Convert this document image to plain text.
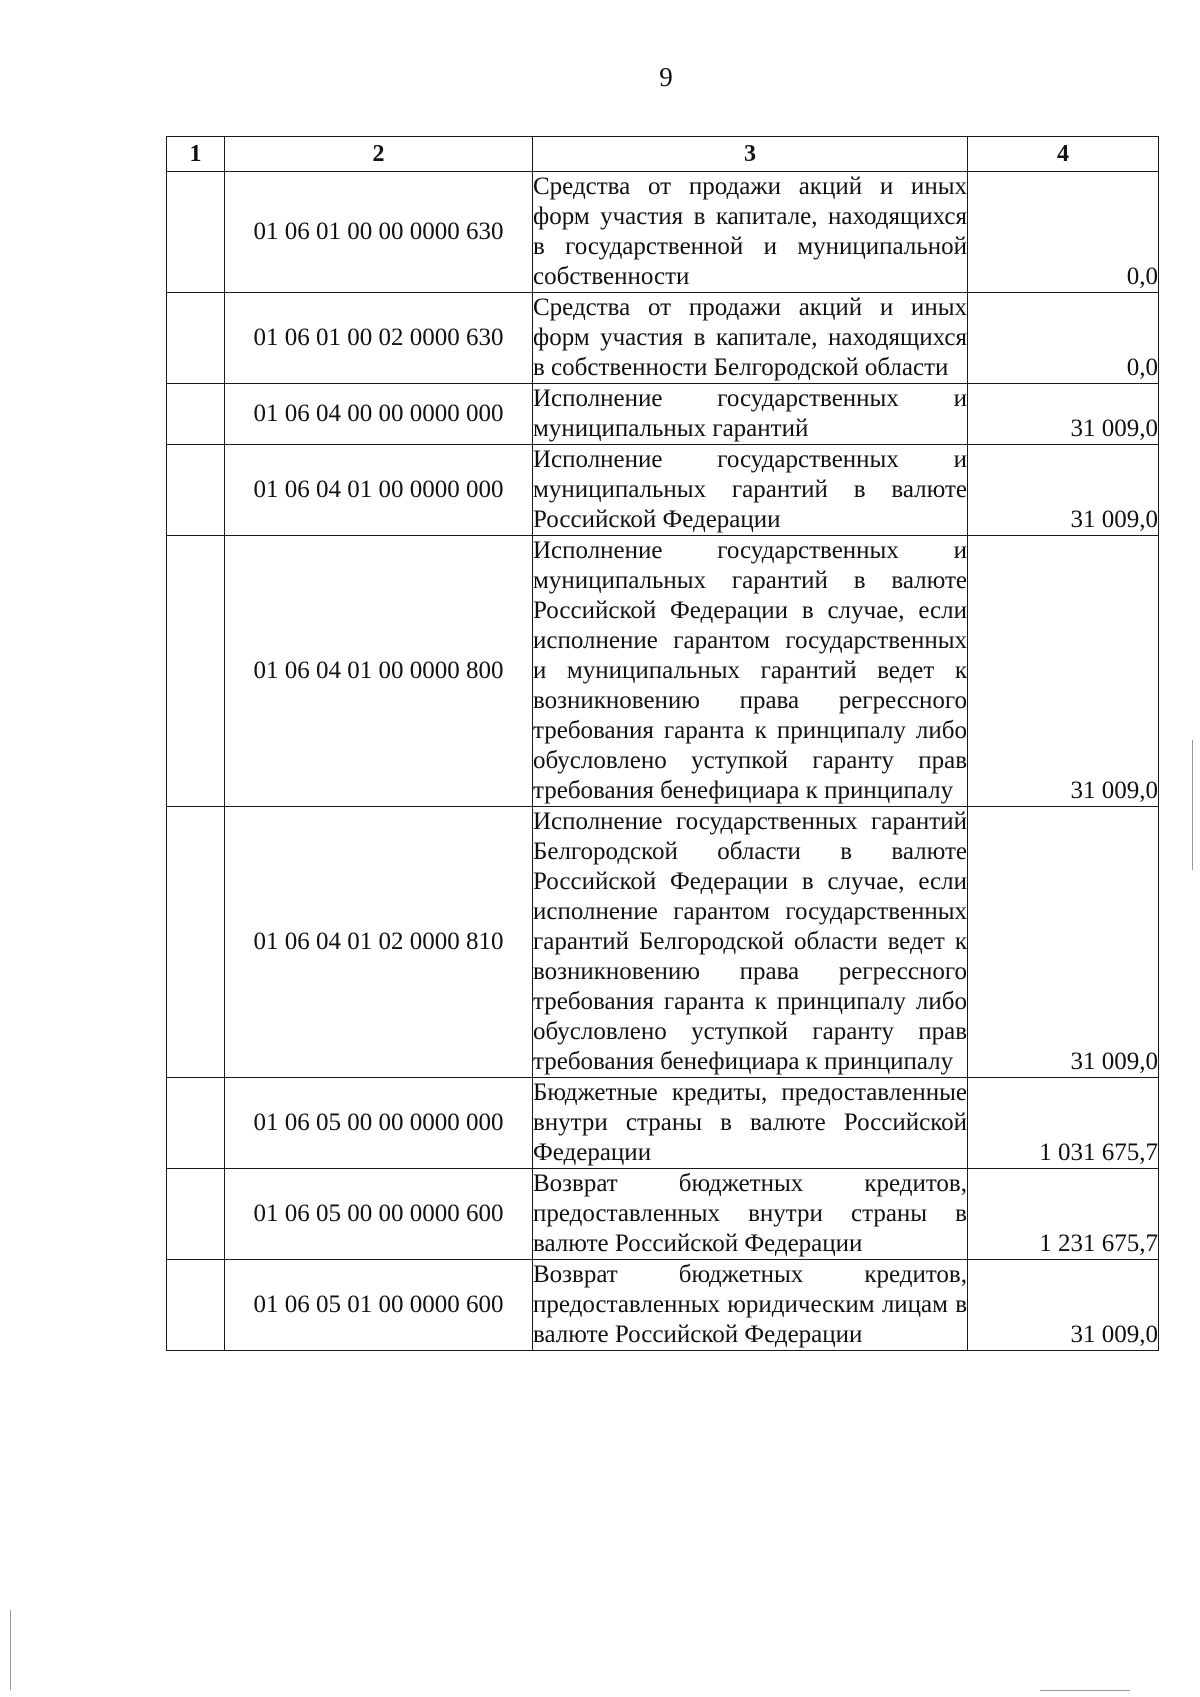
9
1	2	3	4
	01 06 01 00 00 0000 630	Средства от продажи акций и иных форм участия в капитале, находящихся в государственной и муниципальной собственности	0,0
	01 06 01 00 02 0000 630	Средства от продажи акций и иных форм участия в капитале, находящихся в собственности Белгородской области	0,0
	01 06 04 00 00 0000 000	Исполнение государственных и муниципальных гарантий	31 009,0
	01 06 04 01 00 0000 000	Исполнение государственных и муниципальных гарантий в валюте Российской Федерации	31 009,0
	01 06 04 01 00 0000 800	Исполнение государственных и муниципальных гарантий в валюте Российской Федерации в случае, если исполнение гарантом государственных и муниципальных гарантий ведет к возникновению права регрессного требования гаранта к принципалу либо обусловлено уступкой гаранту прав требования бенефициара к принципалу	31 009,0
	01 06 04 01 02 0000 810	Исполнение государственных гарантий Белгородской области в валюте Российской Федерации в случае, если исполнение гарантом государственных гарантий Белгородской области ведет к возникновению права регрессного требования гаранта к принципалу либо обусловлено уступкой гаранту прав требования бенефициара к принципалу	31 009,0
	01 06 05 00 00 0000 000	Бюджетные кредиты, предоставленные внутри страны в валюте Российской Федерации	1 031 675,7
	01 06 05 00 00 0000 600	Возврат бюджетных кредитов, предоставленных внутри страны в валюте Российской Федерации	1 231 675,7
	01 06 05 01 00 0000 600	Возврат бюджетных кредитов, предоставленных юридическим лицам в валюте Российской Федерации	31 009,0
